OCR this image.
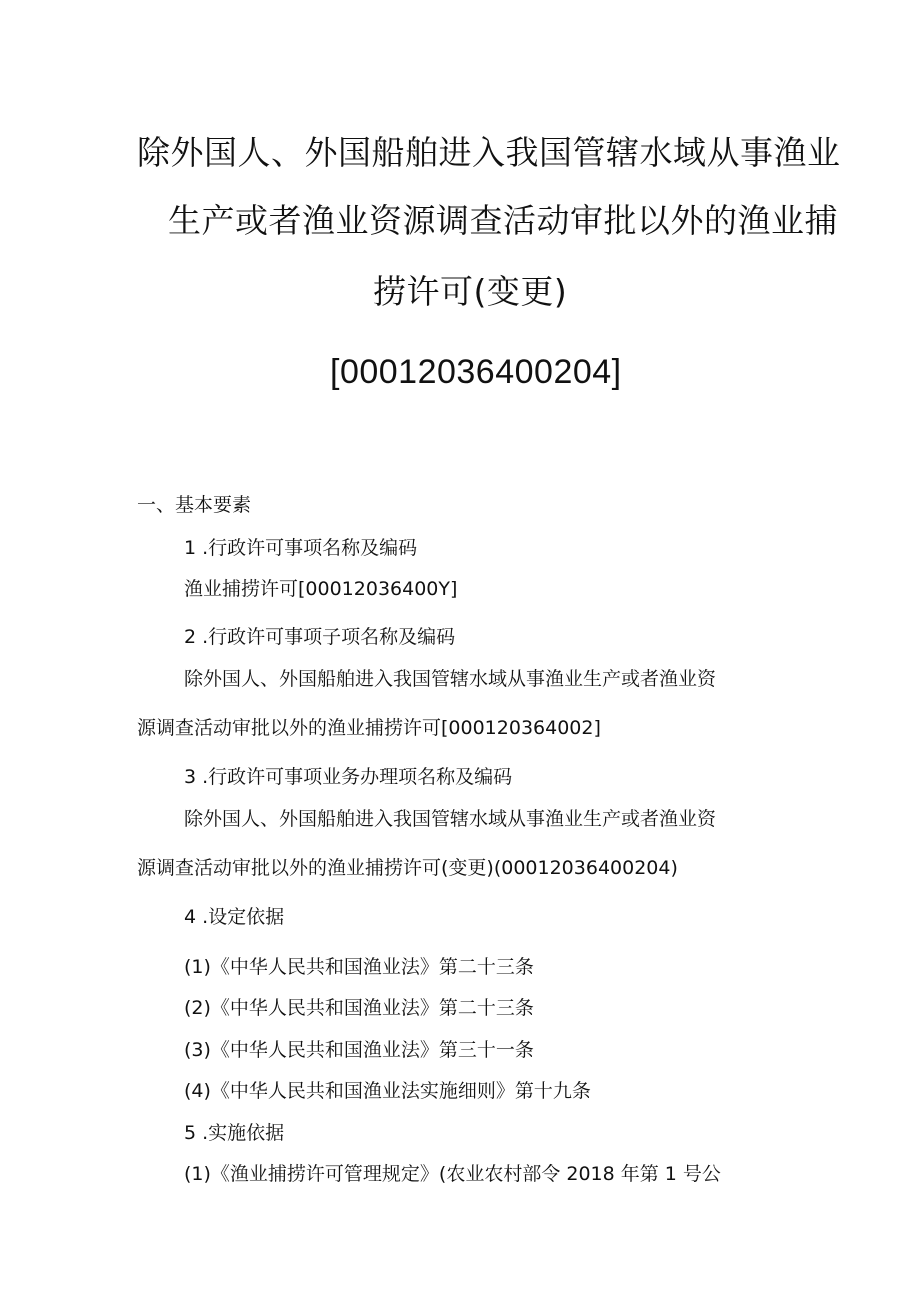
除外国人、外国船舶进入我国管辖水域从事渔业
生产或者渔业资源调查活动审批以外的渔业捕
捞许可(变更)
[00012036400204]
一、基本要素
1 .行政许可事项名称及编码
渔业捕捞许可[00012036400Y]
2 .行政许可事项子项名称及编码
除外国人、外国船舶进入我国管辖水域从事渔业生产或者渔业资
源调查活动审批以外的渔业捕捞许可[000120364002]
3 .行政许可事项业务办理项名称及编码
除外国人、外国船舶进入我国管辖水域从事渔业生产或者渔业资
源调查活动审批以外的渔业捕捞许可(变更)(00012036400204)
4 .设定依据
(1)《中华人民共和国渔业法》第二十三条
(2)《中华人民共和国渔业法》第二十三条
(3)《中华人民共和国渔业法》第三十一条
(4)《中华人民共和国渔业法实施细则》第十九条
5 .实施依据
(1)《渔业捕捞许可管理规定》(农业农村部令 2018 年第 1 号公
